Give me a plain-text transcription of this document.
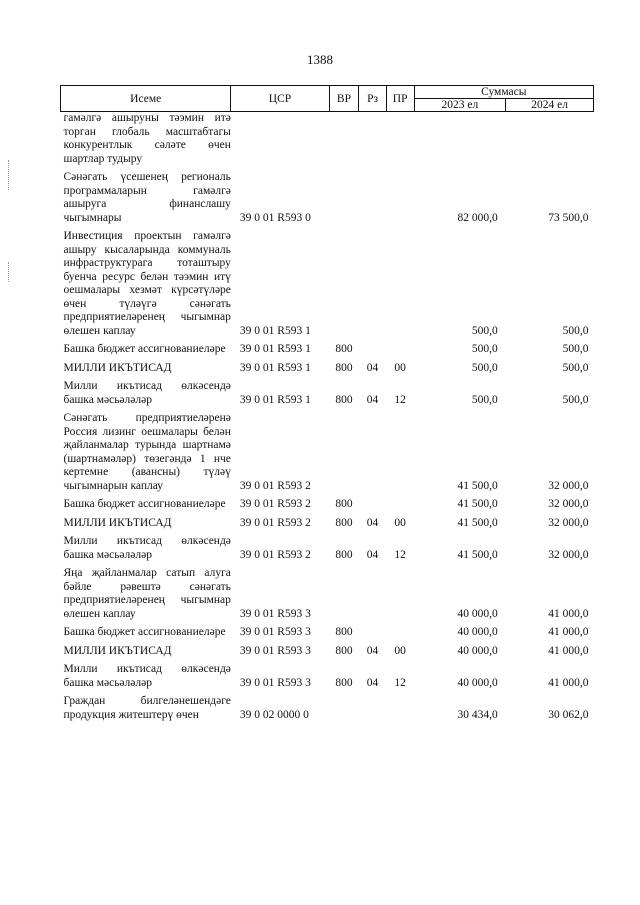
1388
Исеме	ЦСР	ВР	Рз	ПР	Суммасы	
					2023 ел	2024 ел
гамәлгә ашыруны тәэмин итә торган глобаль масштабтагы конкурентлык сәләте өчен шартлар тудыру						
Сәнәгать үсешенең региональ программаларын гамәлгә ашыруга финанслашу чыгымнары	39 0 01 R593 0				82 000,0	73 500,0
Инвестиция проектын гамәлгә ашыру кысаларында коммуналь инфраструктурага тоташтыру буенча ресурс белән тәэмин итү оешмалары хезмәт күрсәтүләре өчен түләүгә сәнәгать предприятиеләренең чыгымнар өлешен каплау	39 0 01 R593 1				500,0	500,0
Башка бюджет ассигнованиеләре	39 0 01 R593 1	800			500,0	500,0
МИЛЛИ ИКЪТИСАД	39 0 01 R593 1	800	04	00	500,0	500,0
Милли икътисад өлкәсендә башка мәсьәләләр	39 0 01 R593 1	800	04	12	500,0	500,0
Сәнәгать предприятиеләренә Россия лизинг оешмалары белән җайланмалар турында шартнамә (шартнамәләр) төзегәндә 1 нче кертемне (авансны) түләү чыгымнарын каплау	39 0 01 R593 2				41 500,0	32 000,0
Башка бюджет ассигнованиеләре	39 0 01 R593 2	800			41 500,0	32 000,0
МИЛЛИ ИКЪТИСАД	39 0 01 R593 2	800	04	00	41 500,0	32 000,0
Милли икътисад өлкәсендә башка мәсьәләләр	39 0 01 R593 2	800	04	12	41 500,0	32 000,0
Яңа җайланмалар сатып алуга бәйле рәвештә сәнәгать предприятиеләренең чыгымнар өлешен каплау	39 0 01 R593 3				40 000,0	41 000,0
Башка бюджет ассигнованиеләре	39 0 01 R593 3	800			40 000,0	41 000,0
МИЛЛИ ИКЪТИСАД	39 0 01 R593 3	800	04	00	40 000,0	41 000,0
Милли икътисад өлкәсендә башка мәсьәләләр	39 0 01 R593 3	800	04	12	40 000,0	41 000,0
Граждан билгеләнешендәге продукция житештерү өчен	39 0 02 0000 0				30 434,0	30 062,0
